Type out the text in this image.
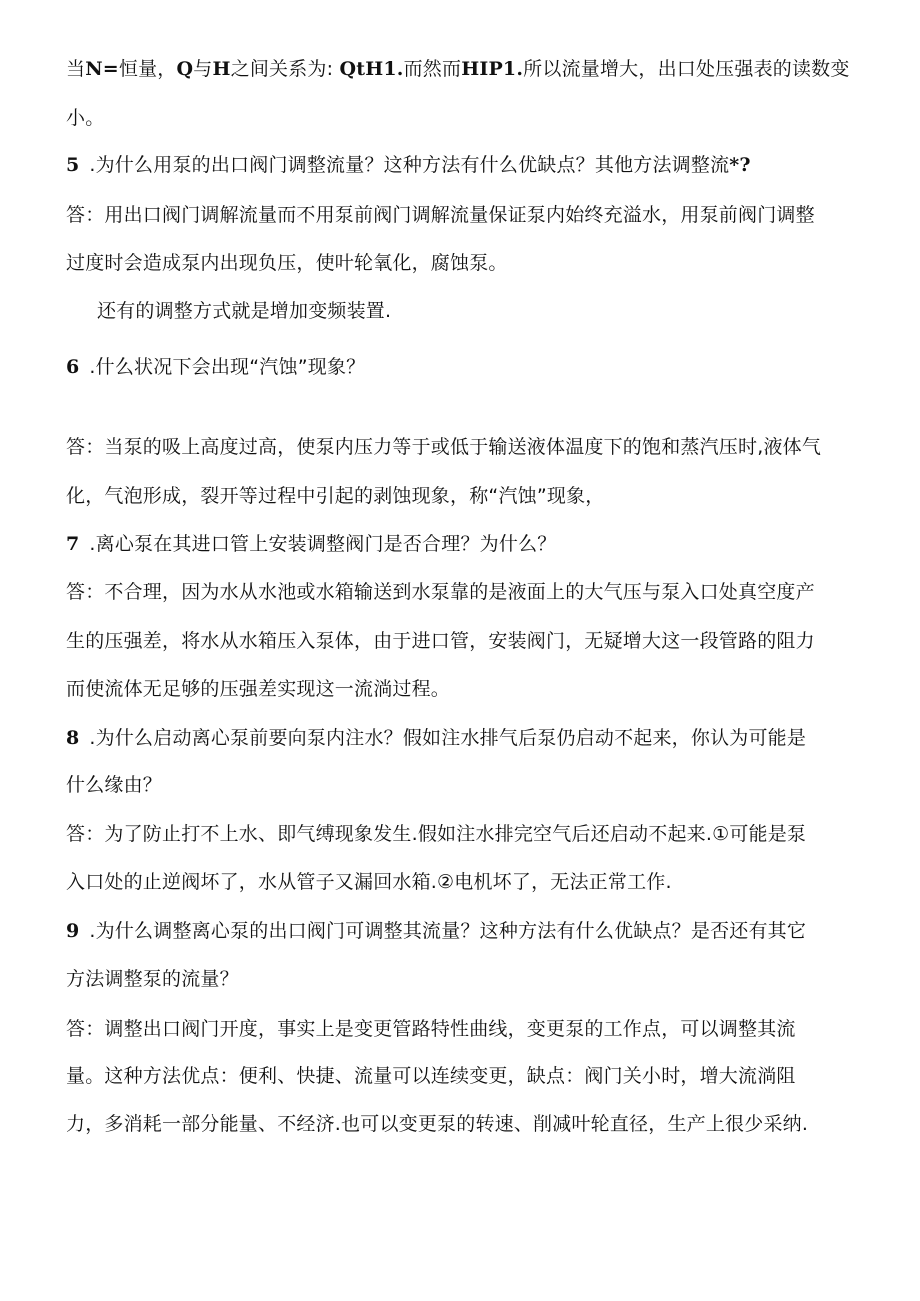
当N=恒量，Q与H之间关系为: QtH1.而然而HIP1.所以流量增大，出口处压强表的读数变
小。
5 .为什么用泵的出口阀门调整流量？这种方法有什么优缺点？其他方法调整流*?
答：用出口阀门调解流量而不用泵前阀门调解流量保证泵内始终充溢水，用泵前阀门调整
过度时会造成泵内出现负压，使叶轮氧化，腐蚀泵。
还有的调整方式就是增加变频装置.
6 .什么状况下会出现“汽蚀”现象？
答：当泵的吸上高度过高，使泵内压力等于或低于输送液体温度下的饱和蒸汽压时,液体气
化，气泡形成，裂开等过程中引起的剥蚀现象，称“汽蚀”现象，
7 .离心泵在其进口管上安装调整阀门是否合理？为什么？
答：不合理，因为水从水池或水箱输送到水泵靠的是液面上的大气压与泵入口处真空度产
生的压强差，将水从水箱压入泵体，由于进口管，安装阀门，无疑增大这一段管路的阻力
而使流体无足够的压强差实现这一流淌过程。
8 .为什么启动离心泵前要向泵内注水？假如注水排气后泵仍启动不起来，你认为可能是
什么缘由？
答：为了防止打不上水、即气缚现象发生.假如注水排完空气后还启动不起来.①可能是泵
入口处的止逆阀坏了，水从管子又漏回水箱.②电机坏了，无法正常工作.
9 .为什么调整离心泵的出口阀门可调整其流量？这种方法有什么优缺点？是否还有其它
方法调整泵的流量？
答：调整出口阀门开度，事实上是变更管路特性曲线，变更泵的工作点，可以调整其流
量。这种方法优点：便利、快捷、流量可以连续变更，缺点：阀门关小时，增大流淌阻
力，多消耗一部分能量、不经济.也可以变更泵的转速、削减叶轮直径，生产上很少采纳.
